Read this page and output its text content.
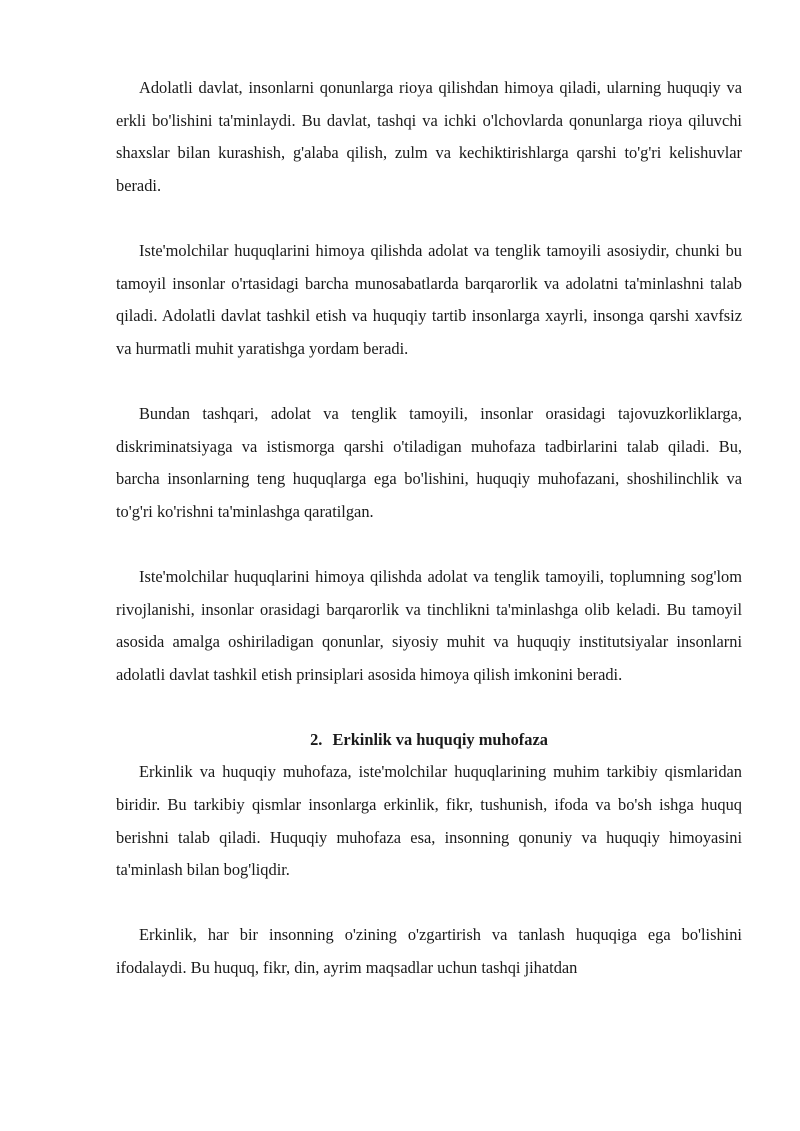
Adolatli davlat, insonlarni qonunlarga rioya qilishdan himoya qiladi, ularning huquqiy va erkli bo'lishini ta'minlaydi. Bu davlat, tashqi va ichki o'lchovlarda qonunlarga rioya qiluvchi shaxslar bilan kurashish, g'alaba qilish, zulm va kechiktirishlarga qarshi to'g'ri kelishuvlar beradi.

Iste'molchilar huquqlarini himoya qilishda adolat va tenglik tamoyili asosiydir, chunki bu tamoyil insonlar o'rtasidagi barcha munosabatlarda barqarorlik va adolatni ta'minlashni talab qiladi. Adolatli davlat tashkil etish va huquqiy tartib insonlarga xayrli, insonga qarshi xavfsiz va hurmatli muhit yaratishga yordam beradi.

Bundan tashqari, adolat va tenglik tamoyili, insonlar orasidagi tajovuzkorliklarga, diskriminatsiyaga va istismorga qarshi o'tiladigan muhofaza tadbirlarini talab qiladi. Bu, barcha insonlarning teng huquqlarga ega bo'lishini, huquqiy muhofazani, shoshilinchlik va to'g'ri ko'rishni ta'minlashga qaratilgan.

Iste'molchilar huquqlarini himoya qilishda adolat va tenglik tamoyili, toplumning sog'lom rivojlanishi, insonlar orasidagi barqarorlik va tinchlikni ta'minlashga olib keladi. Bu tamoyil asosida amalga oshiriladigan qonunlar, siyosiy muhit va huquqiy institutsiyalar insonlarni adolatli davlat tashkil etish prinsiplari asosida himoya qilish imkonini beradi.

2. Erkinlik va huquqiy muhofaza

Erkinlik va huquqiy muhofaza, iste'molchilar huquqlarining muhim tarkibiy qismlaridan biridir. Bu tarkibiy qismlar insonlarga erkinlik, fikr, tushunish, ifoda va bo'sh ishga huquq berishni talab qiladi. Huquqiy muhofaza esa, insonning qonuniy va huquqiy himoyasini ta'minlash bilan bog'liqdir.

Erkinlik, har bir insonning o'zining o'zgartirish va tanlash huquqiga ega bo'lishini ifodalaydi. Bu huquq, fikr, din, ayrim maqsadlar uchun tashqi jihatdan
